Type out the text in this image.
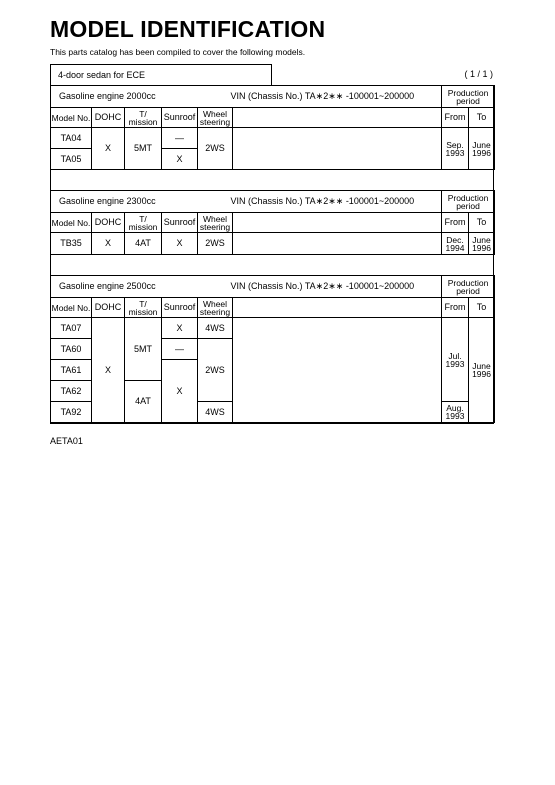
MODEL IDENTIFICATION
This parts catalog has been compiled to cover the following models.
4-door sedan for ECE	( 1 / 1 )
Gasoline engine 2000cc VIN (Chassis No.) TA∗2∗∗ -100001~200000						Production period	
Model No.	DOHC	T/ mission	Sunroof	Wheel steering		From	To
TA04	X	5MT	—	2WS		Sep. 1993	June 1996
TA05			X				
Gasoline engine 2300cc VIN (Chassis No.) TA∗2∗∗ -100001~200000						Production period	
Model No.	DOHC	T/ mission	Sunroof	Wheel steering		From	To
TB35	X	4AT	X	2WS		Dec. 1994	June 1996
Gasoline engine 2500cc VIN (Chassis No.) TA∗2∗∗ -100001~200000						Production period	
Model No.	DOHC	T/ mission	Sunroof	Wheel steering		From	To
TA07	X	5MT	X	4WS		Jul. 1993	June 1996
TA60			—	2WS			
TA61			X				
TA62		4AT					
TA92				4WS		Aug. 1993	
AETA01
